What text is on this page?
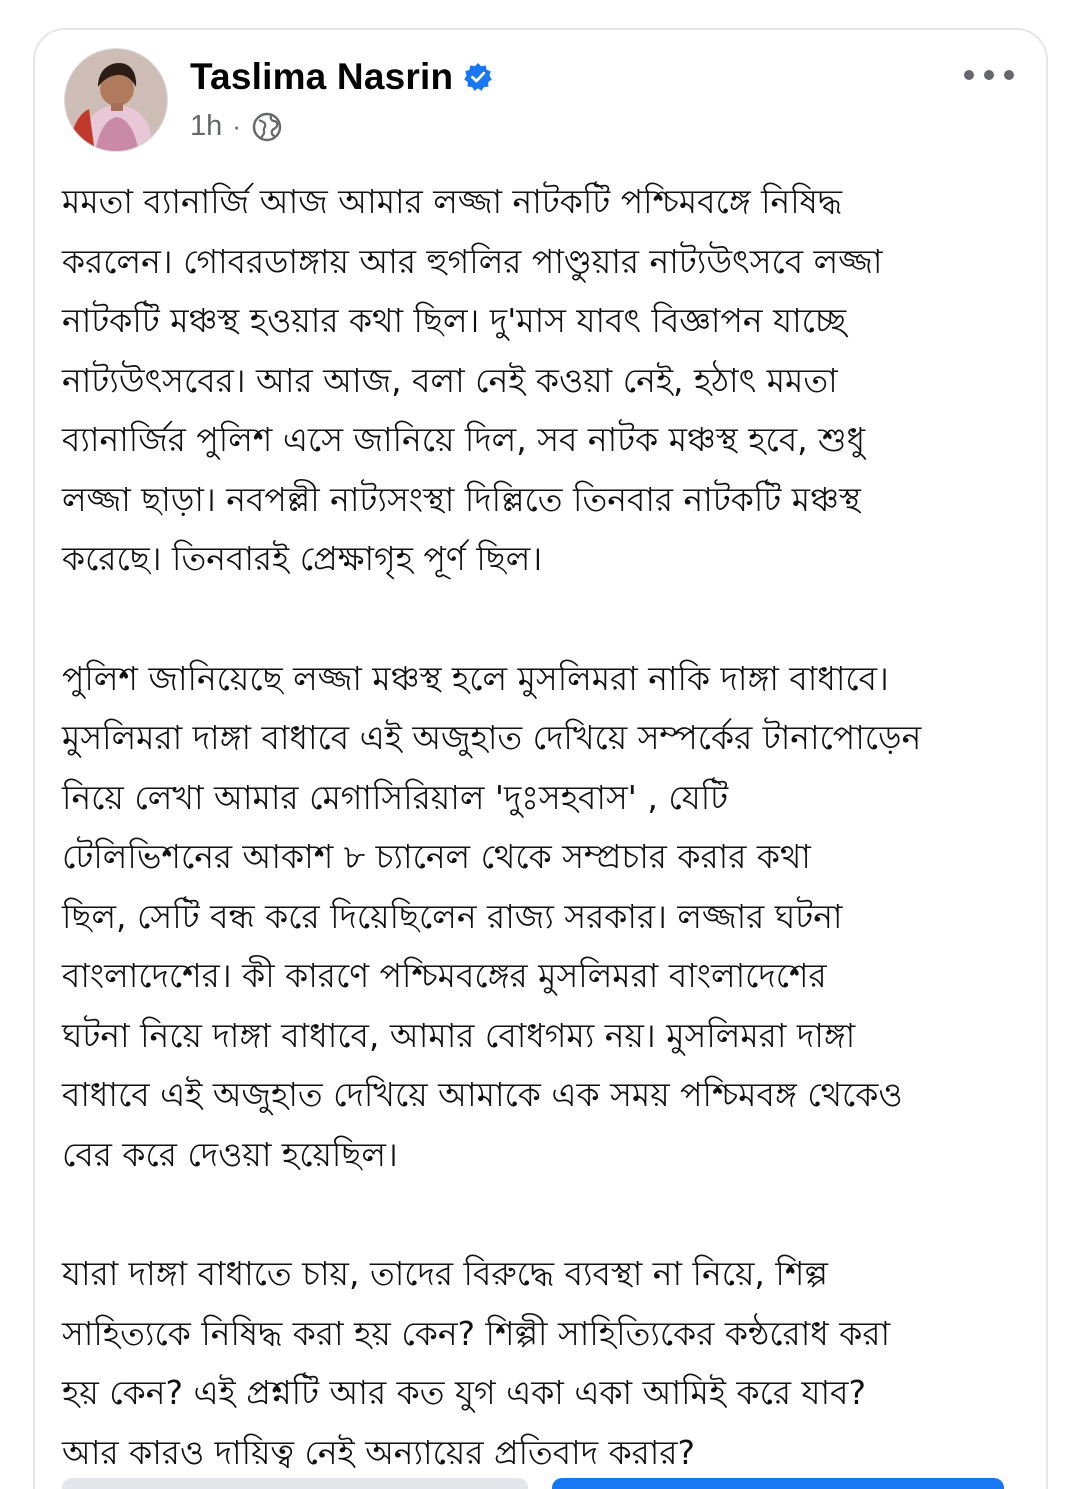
Taslima Nasrin
1h ·
মমতা ব্যানার্জি আজ আমার লজ্জা নাটকটি পশ্চিমবঙ্গে নিষিদ্ধ
করলেন। গোবরডাঙ্গায় আর হুগলির পাণ্ডুয়ার নাট্যউৎসবে লজ্জা
নাটকটি মঞ্চস্থ হওয়ার কথা ছিল। দু'মাস যাবৎ বিজ্ঞাপন যাচ্ছে
নাট্যউৎসবের। আর আজ, বলা নেই কওয়া নেই, হঠাৎ মমতা
ব্যানার্জির পুলিশ এসে জানিয়ে দিল, সব নাটক মঞ্চস্থ হবে, শুধু
লজ্জা ছাড়া। নবপল্লী নাট্যসংস্থা দিল্লিতে তিনবার নাটকটি মঞ্চস্থ
করেছে। তিনবারই প্রেক্ষাগৃহ পূর্ণ ছিল।
পুলিশ জানিয়েছে লজ্জা মঞ্চস্থ হলে মুসলিমরা নাকি দাঙ্গা বাধাবে।
মুসলিমরা দাঙ্গা বাধাবে এই অজুহাত দেখিয়ে সম্পর্কের টানাপোড়েন
নিয়ে লেখা আমার মেগাসিরিয়াল 'দুঃসহবাস' , যেটি
টেলিভিশনের আকাশ ৮ চ্যানেল থেকে সম্প্রচার করার কথা
ছিল, সেটি বন্ধ করে দিয়েছিলেন রাজ্য সরকার। লজ্জার ঘটনা
বাংলাদেশের। কী কারণে পশ্চিমবঙ্গের মুসলিমরা বাংলাদেশের
ঘটনা নিয়ে দাঙ্গা বাধাবে, আমার বোধগম্য নয়। মুসলিমরা দাঙ্গা
বাধাবে এই অজুহাত দেখিয়ে আমাকে এক সময় পশ্চিমবঙ্গ থেকেও
বের করে দেওয়া হয়েছিল।
যারা দাঙ্গা বাধাতে চায়, তাদের বিরুদ্ধে ব্যবস্থা না নিয়ে, শিল্প
সাহিত্যকে নিষিদ্ধ করা হয় কেন? শিল্পী সাহিত্যিকের কন্ঠরোধ করা
হয় কেন? এই প্রশ্নটি আর কত যুগ একা একা আমিই করে যাব?
আর কারও দায়িত্ব নেই অন্যায়ের প্রতিবাদ করার?
